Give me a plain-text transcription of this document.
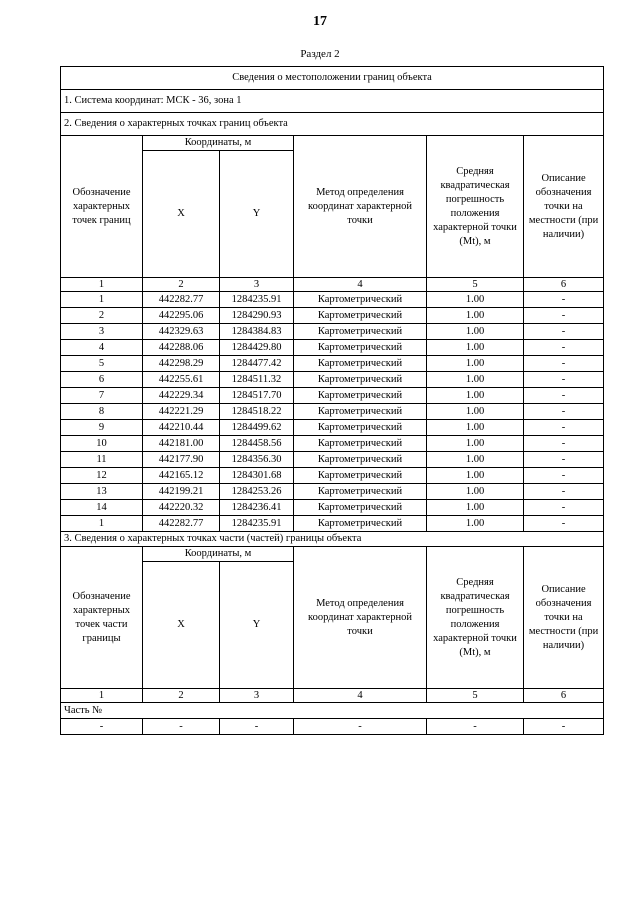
17
Раздел 2
Сведения о местоположении границ объекта					
1. Система координат: МСК - 36, зона 1					
2. Сведения о характерных точках границ объекта					
Обозначение характерных точек границ	Координаты, м		Метод определения координат характерной точки	Средняя квадратическая погрешность положения характерной точки (Mt), м	Описание обозначения точки на местности (при наличии)
	X	Y			
1	2	3	4	5	6
1	442282.77	1284235.91	Картометрический	1.00	-
2	442295.06	1284290.93	Картометрический	1.00	-
3	442329.63	1284384.83	Картометрический	1.00	-
4	442288.06	1284429.80	Картометрический	1.00	-
5	442298.29	1284477.42	Картометрический	1.00	-
6	442255.61	1284511.32	Картометрический	1.00	-
7	442229.34	1284517.70	Картометрический	1.00	-
8	442221.29	1284518.22	Картометрический	1.00	-
9	442210.44	1284499.62	Картометрический	1.00	-
10	442181.00	1284458.56	Картометрический	1.00	-
11	442177.90	1284356.30	Картометрический	1.00	-
12	442165.12	1284301.68	Картометрический	1.00	-
13	442199.21	1284253.26	Картометрический	1.00	-
14	442220.32	1284236.41	Картометрический	1.00	-
1	442282.77	1284235.91	Картометрический	1.00	-
3. Сведения о характерных точках части (частей) границы объекта					
Обозначение характерных точек части границы	Координаты, м		Метод определения координат характерной точки	Средняя квадратическая погрешность положения характерной точки (Mt), м	Описание обозначения точки на местности (при наличии)
	X	Y			
1	2	3	4	5	6
Часть №					
-	-	-	-	-	-
